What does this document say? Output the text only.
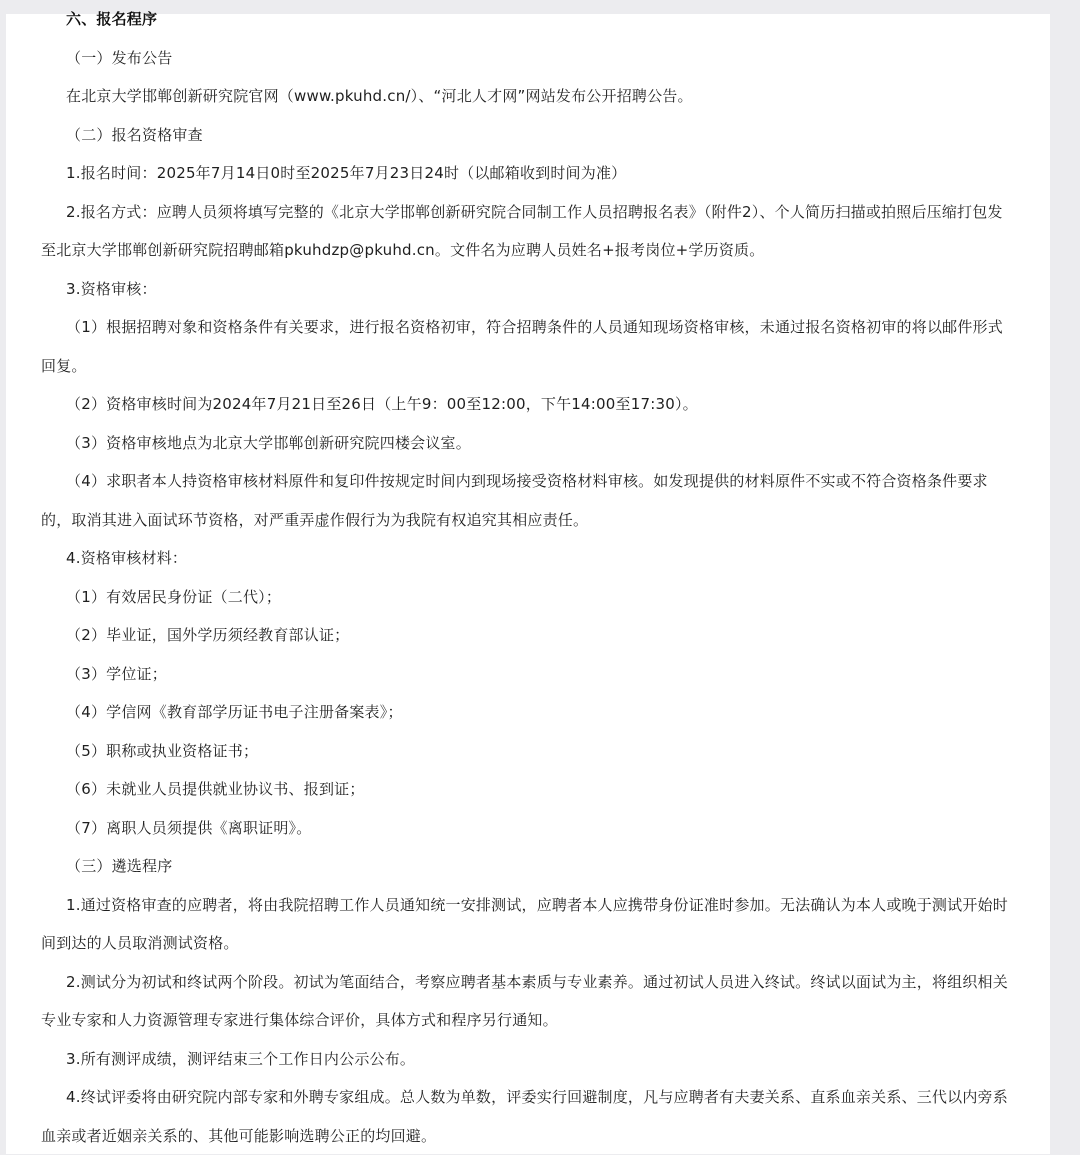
六、报名程序

（一）发布公告

在北京大学邯郸创新研究院官网（www.pkuhd.cn/）、“河北人才网”网站发布公开招聘公告。

（二）报名资格审查

1.报名时间：2025年7月14日0时至2025年7月23日24时（以邮箱收到时间为准）

2.报名方式：应聘人员须将填写完整的《北京大学邯郸创新研究院合同制工作人员招聘报名表》（附件2）、个人简历扫描或拍照后压缩打包发至北京大学邯郸创新研究院招聘邮箱pkuhdzp@pkuhd.cn。文件名为应聘人员姓名+报考岗位+学历资质。

3.资格审核：

（1）根据招聘对象和资格条件有关要求，进行报名资格初审，符合招聘条件的人员通知现场资格审核，未通过报名资格初审的将以邮件形式回复。

（2）资格审核时间为2024年7月21日至26日（上午9：00至12:00，下午14:00至17:30）。

（3）资格审核地点为北京大学邯郸创新研究院四楼会议室。

（4）求职者本人持资格审核材料原件和复印件按规定时间内到现场接受资格材料审核。如发现提供的材料原件不实或不符合资格条件要求的，取消其进入面试环节资格，对严重弄虚作假行为为我院有权追究其相应责任。

4.资格审核材料：

（1）有效居民身份证（二代）；

（2）毕业证，国外学历须经教育部认证；

（3）学位证；

（4）学信网《教育部学历证书电子注册备案表》；

（5）职称或执业资格证书；

（6）未就业人员提供就业协议书、报到证；

（7）离职人员须提供《离职证明》。

（三）遴选程序

1.通过资格审查的应聘者，将由我院招聘工作人员通知统一安排测试，应聘者本人应携带身份证准时参加。无法确认为本人或晚于测试开始时间到达的人员取消测试资格。

2.测试分为初试和终试两个阶段。初试为笔面结合，考察应聘者基本素质与专业素养。通过初试人员进入终试。终试以面试为主，将组织相关专业专家和人力资源管理专家进行集体综合评价，具体方式和程序另行通知。

3.所有测评成绩，测评结束三个工作日内公示公布。

4.终试评委将由研究院内部专家和外聘专家组成。总人数为单数，评委实行回避制度，凡与应聘者有夫妻关系、直系血亲关系、三代以内旁系血亲或者近姻亲关系的、其他可能影响选聘公正的均回避。
